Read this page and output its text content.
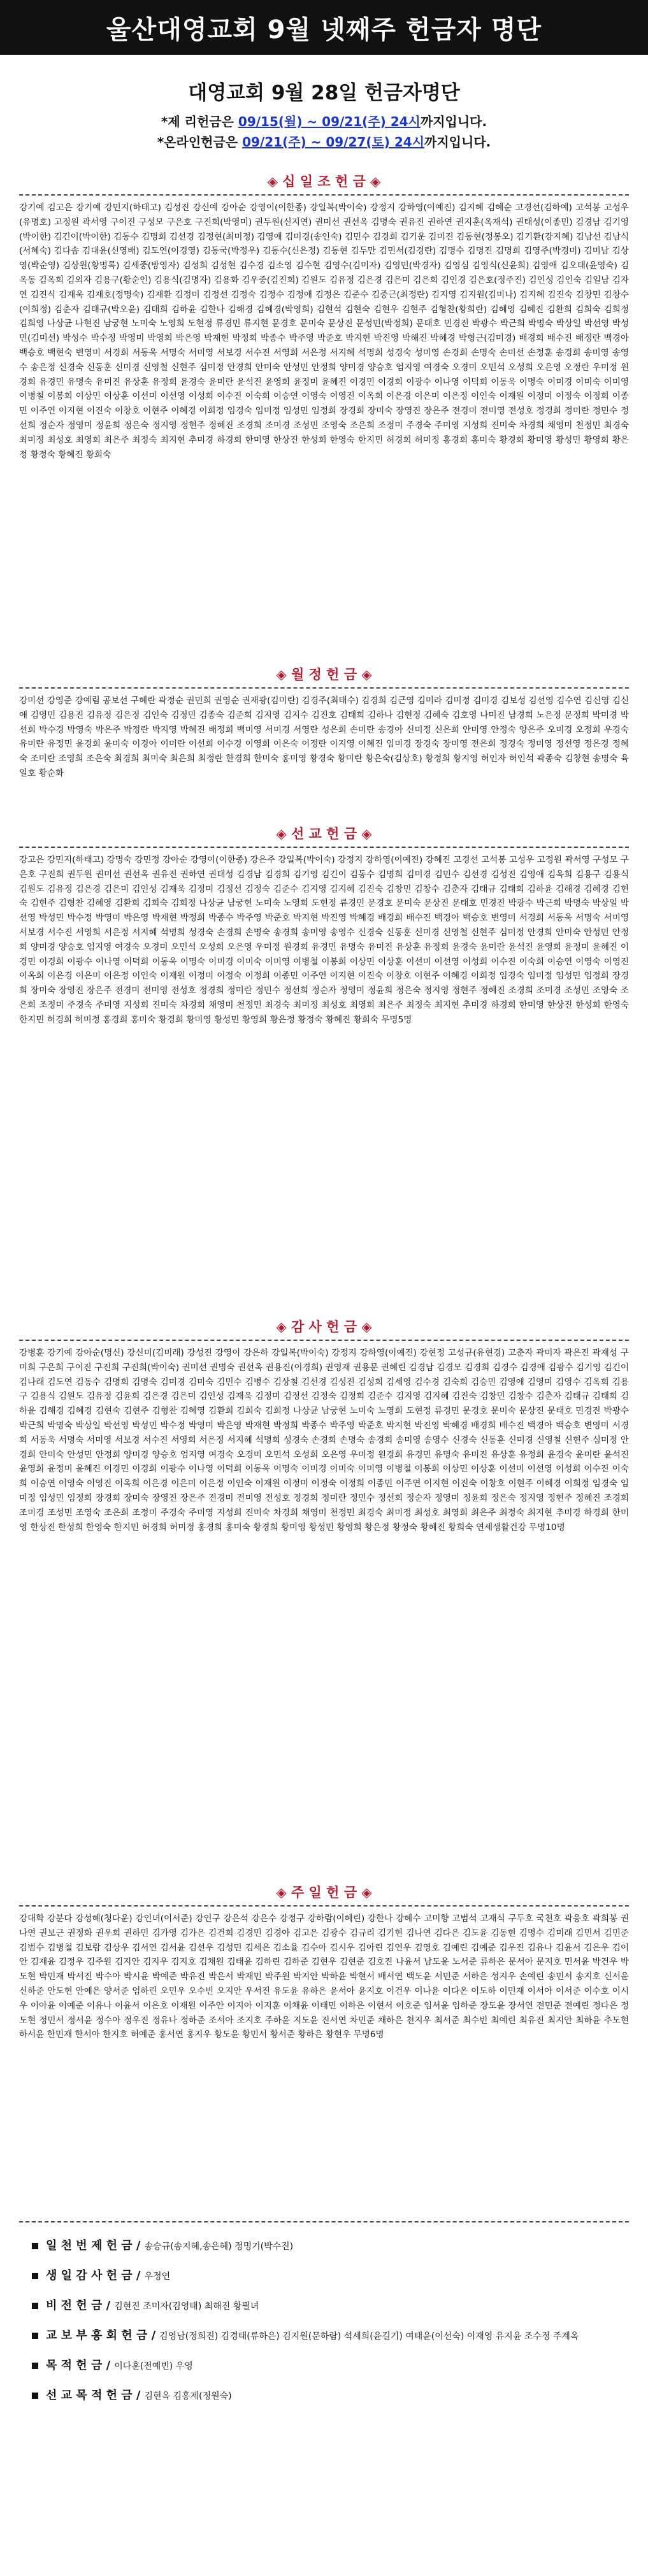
울산대영교회 9월 넷째주 헌금자 명단
대영교회 9월 28일 헌금자명단
*제 리헌금은 09/15(월) ~ 09/21(주) 24시까지입니다.
*온라인헌금은 09/21(주) ~ 09/27(토) 24시까지입니다.
◈ 십 일 조 헌 금 ◈
강기예 김고은 강기예 강민지(하태고) 김성진 강신예 강아순 강영이(이한종) 강일복(박이숙) 강정지 강하영(이예진) 김지혜 김혜순 고경선(김하예) 고석봉 고성우(유명호) 고정원 곽서영 구이진 구성모 구은호 구진희(박영미) 권두원(신지연) 권미선 권선옥 김명숙 권유진 권하연 권지훈(옥재석) 권태성(이종민) 김경남 김기영(박이한) 김긴이(박이한) 김동수 김명희 김선경 김정현(최미정) 김영애 김미경(송인숙) 김민수 김경희 김기운 김미진 김동현(정봉오) 김기환(강지혜) 김남선 김남식(서혜숙) 김다솜 김대윤(신영배) 김도연(이경영) 김동국(박정우) 김동수(신은정) 김동현 김두만 김민서(김경란) 김명수 김명진 김명희 김영주(박경미) 김미남 김상영(박순영) 김상원(황명록) 김세중(방영자) 김성희 김성현 김수경 김소영 김수현 김영수(김미자) 김영민(박경자) 김영심 김영식(신윤희) 김영애 김오태(윤영숙) 김옥동 김옥희 김외자 김용구(황순인) 김용식(김명자) 김용화 김우중(김진희) 김원도 김유정 김은경 김은미 김은희 김인경 김은호(정주진) 김인성 김인숙 김일남 김자연 김진식 김재욱 김재호(정명숙) 김재환 김정미 김정선 김정숙 김정수 김정애 김정은 김준수 김중근(최정란) 김지영 김지원(김미나) 김지혜 김진숙 김창민 김창수(이희정) 김춘자 김태규(박오윤) 김태희 김하윤 김한나 김해경 김혜경(박영희) 김현석 김현숙 김현우 김현주 김형찬(황희란) 김혜영 김혜진 김환희 김희숙 김희정 김희영 나상균 나현진 남궁현 노미숙 노영희 도현정 류경민 류지현 문경호 문미숙 문상진 문성민(박정희) 문태호 민경진 박광수 박근희 박명숙 박상일 박선영 박성민(김미선) 박성수 박수정 박영미 박영희 박은영 박재현 박정희 박종수 박주영 박준호 박지현 박진영 박해진 박혜경 박형근(김미경) 배경희 배수진 배정란 백경아 백승호 백현숙 변영미 서경희 서동욱 서명숙 서미영 서보경 서수진 서영희 서은정 서지혜 석명희 성경숙 성미영 손경희 손명숙 손미선 손정훈 송경희 송미영 송영수 송은정 신경숙 신동훈 신미경 신영철 신현주 심미정 안경희 안미숙 안성민 안정희 양미경 양승호 엄지영 여경숙 오경미 오민석 오성희 오은영 오정란 우미정 원경희 유경민 유명숙 유미진 유상훈 유정희 윤경숙 윤미란 윤석진 윤영희 윤정미 윤혜진 이경민 이경희 이광수 이나영 이덕희 이동욱 이명숙 이미경 이미숙 이미영 이병철 이봉희 이상민 이상훈 이선미 이선영 이성희 이수진 이숙희 이승연 이영숙 이영진 이옥희 이은경 이은미 이은정 이인숙 이재원 이정미 이정숙 이정희 이종민 이주연 이지현 이진숙 이창호 이현주 이혜경 이희정 임경숙 임미정 임성민 임정희 장경희 장미숙 장영진 장은주 전경미 전미영 전성호 정경희 정미란 정민수 정선희 정순자 정영미 정윤희 정은숙 정지영 정현주 정혜진 조경희 조미경 조성민 조영숙 조은희 조정미 주경숙 주미영 지성희 진미숙 차경희 채영미 천정민 최경숙 최미정 최성호 최영희 최은주 최정숙 최지현 추미경 하경희 한미영 한상진 한성희 한영숙 한지민 허경희 허미정 홍경희 홍미숙 황경희 황미영 황성민 황영희 황은정 황정숙 황혜진 황희숙
◈ 월 정 헌 금 ◈
강미선 강영준 강예림 공보선 구혜란 곽정순 권민희 권영순 권재광(김미란) 김경주(최태수) 김경희 김근영 김미라 김미정 김미경 김보성 김선영 김수연 김신영 김신애 김영민 김용진 김유정 김은정 김인숙 김정민 김종숙 김준희 김지영 김지수 김진호 김태희 김하나 김현정 김혜숙 김호영 나미진 남경희 노은정 문정희 박미경 박선희 박수경 박영숙 박은주 박정란 박지영 박혜진 배정희 백미영 서미경 서영란 성은희 손미란 송경아 신미정 신은희 안미영 안정숙 양은주 오미경 오정희 우경숙 유미란 유정민 윤경희 윤미숙 이경아 이미란 이선희 이수경 이영희 이은숙 이정란 이지영 이혜진 임미경 장경숙 장미영 전은희 정경숙 정미영 정선영 정은경 정혜숙 조미란 조영희 조은숙 최경희 최미숙 최은희 최정란 한경희 한미숙 홍미영 황경숙 황미란 황은숙(김상호) 황정희 황지영 허인자 허인석 곽종숙 김창현 송명숙 육일호 황순화
◈ 선 교 헌 금 ◈
강고은 강민지(하태고) 강명숙 강민정 강아순 강영이(이한종) 강은주 강일복(박이숙) 강정지 강하영(이예진) 강혜진 고경선 고석봉 고성우 고정원 곽서영 구성모 구은호 구진희 권두원 권미선 권선옥 권유진 권하연 권태성 김경남 김경희 김기영 김긴이 김동수 김명희 김미경 김민수 김선경 김성진 김영애 김옥희 김용구 김용식 김원도 김유정 김은경 김은미 김인성 김재욱 김정미 김정선 김정숙 김준수 김지영 김지혜 김진숙 김창민 김창수 김춘자 김태규 김태희 김하윤 김해경 김혜경 김현숙 김현주 김형찬 김혜영 김환희 김희숙 김희정 나상균 남궁현 노미숙 노영희 도현정 류경민 문경호 문미숙 문상진 문태호 민경진 박광수 박근희 박명숙 박상일 박선영 박성민 박수정 박영미 박은영 박재현 박정희 박종수 박주영 박준호 박지현 박진영 박혜경 배경희 배수진 백경아 백승호 변영미 서경희 서동욱 서명숙 서미영 서보경 서수진 서영희 서은정 서지혜 석명희 성경숙 손경희 손명숙 송경희 송미영 송영수 신경숙 신동훈 신미경 신영철 신현주 심미정 안경희 안미숙 안성민 안정희 양미경 양승호 엄지영 여경숙 오경미 오민석 오성희 오은영 우미정 원경희 유경민 유명숙 유미진 유상훈 유정희 윤경숙 윤미란 윤석진 윤영희 윤정미 윤혜진 이경민 이경희 이광수 이나영 이덕희 이동욱 이명숙 이미경 이미숙 이미영 이병철 이봉희 이상민 이상훈 이선미 이선영 이성희 이수진 이숙희 이승연 이영숙 이영진 이옥희 이은경 이은미 이은정 이인숙 이재원 이정미 이정숙 이정희 이종민 이주연 이지현 이진숙 이창호 이현주 이혜경 이희정 임경숙 임미정 임성민 임정희 장경희 장미숙 장영진 장은주 전경미 전미영 전성호 정경희 정미란 정민수 정선희 정순자 정영미 정윤희 정은숙 정지영 정현주 정혜진 조경희 조미경 조성민 조영숙 조은희 조정미 주경숙 주미영 지성희 진미숙 차경희 채영미 천정민 최경숙 최미정 최성호 최영희 최은주 최정숙 최지현 추미경 하경희 한미영 한상진 한성희 한영숙 한지민 허경희 허미정 홍경희 홍미숙 황경희 황미영 황성민 황영희 황은정 황정숙 황혜진 황희숙 무명5명
◈ 감 사 헌 금 ◈
강병훈 강기예 강아순(명신) 강신미(김미래) 강성진 강영이 강은하 강일복(박이숙) 강정지 강하영(이예진) 강현정 고성규(유현경) 고춘자 곽미자 곽은진 곽재성 구미희 구은희 구이진 구진희 구진희(박이숙) 권미선 권명숙 권선옥 권용진(이경희) 권영재 권용문 권혜린 김경남 김경모 김경희 김경수 김경애 김광수 김기영 김긴이 김나래 김도연 김동수 김명희 김명숙 김미경 김미숙 김민수 김병수 김상철 김선경 김성진 김성희 김세영 김수경 김숙희 김승민 김영애 김영미 김영수 김옥희 김용구 김용식 김원도 김유정 김윤희 김은경 김은미 김인성 김재욱 김정미 김정선 김정숙 김정희 김준수 김지영 김지혜 김진숙 김창민 김창수 김춘자 김태규 김태희 김하윤 김해경 김혜경 김현숙 김현주 김형찬 김혜영 김환희 김희숙 김희정 나상균 남궁현 노미숙 노영희 도현정 류경민 문경호 문미숙 문상진 문태호 민경진 박광수 박근희 박명숙 박상일 박선영 박성민 박수정 박영미 박은영 박재현 박정희 박종수 박주영 박준호 박지현 박진영 박혜경 배경희 배수진 백경아 백승호 변영미 서경희 서동욱 서명숙 서미영 서보경 서수진 서영희 서은정 서지혜 석명희 성경숙 손경희 손명숙 송경희 송미영 송영수 신경숙 신동훈 신미경 신영철 신현주 심미정 안경희 안미숙 안성민 안정희 양미경 양승호 엄지영 여경숙 오경미 오민석 오성희 오은영 우미정 원경희 유경민 유명숙 유미진 유상훈 유정희 윤경숙 윤미란 윤석진 윤영희 윤정미 윤혜진 이경민 이경희 이광수 이나영 이덕희 이동욱 이명숙 이미경 이미숙 이미영 이병철 이봉희 이상민 이상훈 이선미 이선영 이성희 이수진 이숙희 이승연 이영숙 이영진 이옥희 이은경 이은미 이은정 이인숙 이재원 이정미 이정숙 이정희 이종민 이주연 이지현 이진숙 이창호 이현주 이혜경 이희정 임경숙 임미정 임성민 임정희 장경희 장미숙 장영진 장은주 전경미 전미영 전성호 정경희 정미란 정민수 정선희 정순자 정영미 정윤희 정은숙 정지영 정현주 정혜진 조경희 조미경 조성민 조영숙 조은희 조정미 주경숙 주미영 지성희 진미숙 차경희 채영미 천정민 최경숙 최미정 최성호 최영희 최은주 최정숙 최지현 추미경 하경희 한미영 한상진 한성희 한영숙 한지민 허경희 허미정 홍경희 홍미숙 황경희 황미영 황성민 황영희 황은정 황정숙 황혜진 황희숙 연세생활건강 무명10명
◈ 주 일 헌 금 ◈
강대학 강분다 강성혜(청다운) 강인녀(이서준) 강인구 강은석 강은수 강정구 강하람(이혜린) 강한나 강혜수 고미향 고범석 고재식 구두호 국천호 곽응호 곽희봉 권나연 권보근 권정화 권우희 권하민 김가영 김가은 김건희 김경민 김경아 김고은 김광수 김규리 김기현 김나연 김다은 김도윤 김동현 김명수 김미래 김민서 김민준 김범수 김병철 김보람 김상우 김서연 김서윤 김선우 김성민 김세은 김소율 김수아 김시우 김아린 김연우 김영호 김예린 김예준 김우진 김유나 김윤서 김은우 김이안 김재윤 김정우 김주원 김지안 김지우 김지호 김채원 김태윤 김하린 김하준 김현우 김현준 김호진 나윤서 남도윤 노서준 류하은 문서아 문지호 민서윤 박건우 박도현 박민재 박서진 박수아 박시윤 박예준 박유진 박은서 박재민 박주원 박지안 박하윤 박현서 배서연 백도윤 서민준 서하은 성지우 손예린 송민서 송지호 신서윤 신하준 안도현 안예은 양서준 엄하린 오민우 오수빈 오지안 우서진 유도윤 유하은 윤서아 윤지호 이건우 이나윤 이다온 이도하 이민재 이서아 이서준 이수호 이시우 이아윤 이예준 이유나 이윤서 이은호 이재원 이주안 이지아 이지훈 이채윤 이태민 이하은 이현서 이호준 임서윤 임하준 장도윤 장서연 전민준 전예린 정다은 정도현 정민서 정서윤 정수아 정우진 정유나 정하준 조서아 조지호 주하윤 지도윤 진서연 차민준 채하은 천지우 최서준 최수빈 최예린 최유진 최지안 최하윤 추도현 하서윤 한민재 한서아 한지호 허예준 홍서연 홍지우 황도윤 황민서 황서준 황하은 황현우 무명6명
일 천 번 제 헌 금 / 송승규(송지혜,송은혜) 정명기(박수진)
생 일 감 사 헌 금 / 우정연
비 전 헌 금 / 김현진 조미자(김영태) 최해진 황필녀
교 보 부 흥 회 헌 금 / 김영남(정희진) 김경태(류하은) 김지원(문하람) 석세희(윤길기) 여태윤(이선숙) 이재영 유지윤 조수정 주계옥
목 적 헌 금 / 이다훈(전예빈) 우영
선 교 목 적 헌 금 / 김현옥 김홍제(정원숙)
